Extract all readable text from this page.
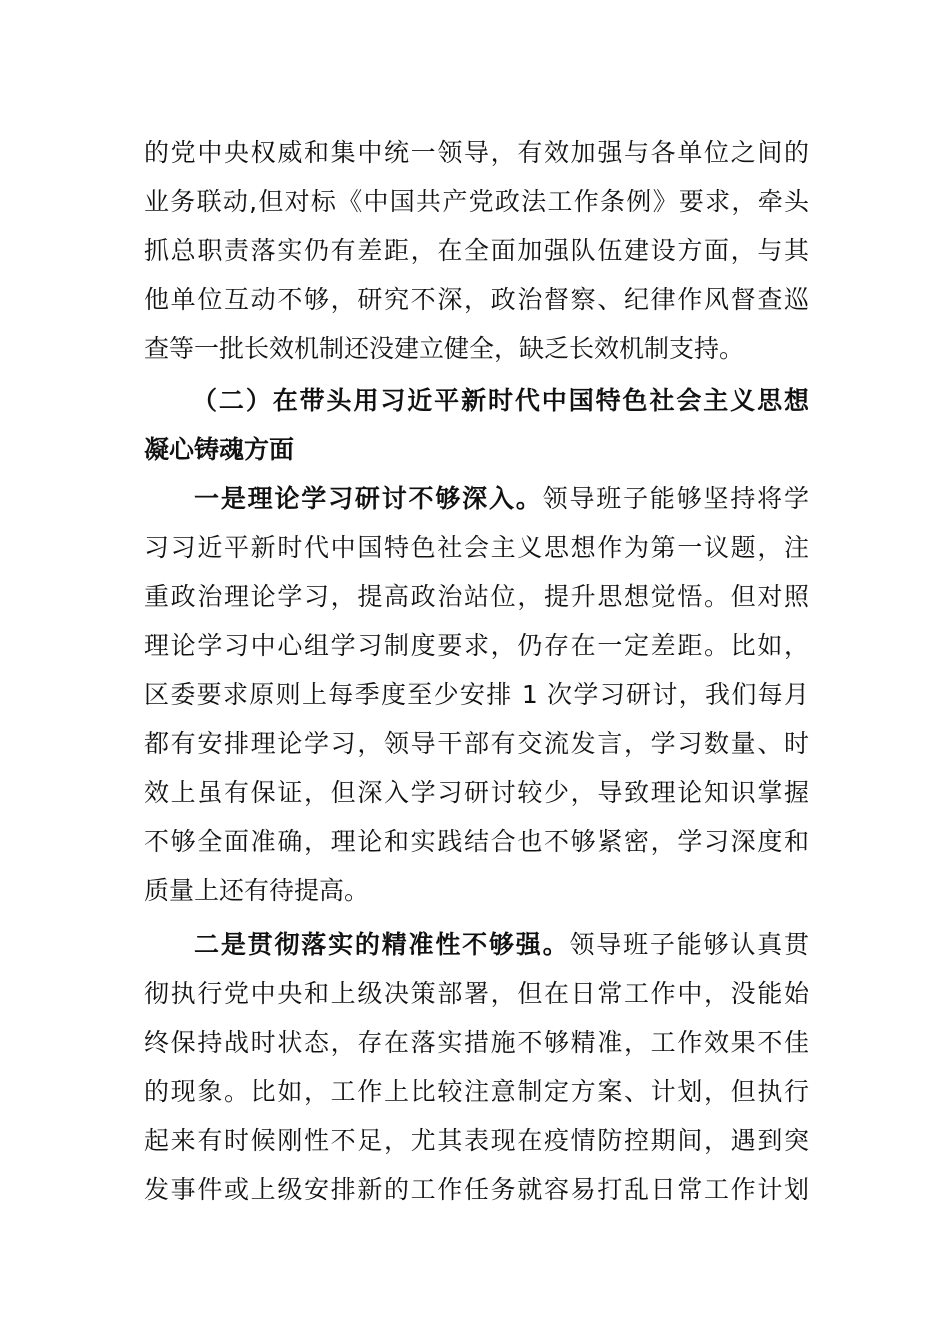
的党中央权威和集中统一领导，有效加强与各单位之间的
业务联动,但对标《中国共产党政法工作条例》要求，牵头
抓总职责落实仍有差距，在全面加强队伍建设方面，与其
他单位互动不够，研究不深，政治督察、纪律作风督查巡
查等一批长效机制还没建立健全，缺乏长效机制支持。
（二）在带头用习近平新时代中国特色社会主义思想
凝心铸魂方面
一是理论学习研讨不够深入。领导班子能够坚持将学
习习近平新时代中国特色社会主义思想作为第一议题，注
重政治理论学习，提高政治站位，提升思想觉悟。但对照
理论学习中心组学习制度要求，仍存在一定差距。比如，
区委要求原则上每季度至少安排 1 次学习研讨，我们每月
都有安排理论学习，领导干部有交流发言，学习数量、时
效上虽有保证，但深入学习研讨较少，导致理论知识掌握
不够全面准确，理论和实践结合也不够紧密，学习深度和
质量上还有待提高。
二是贯彻落实的精准性不够强。领导班子能够认真贯
彻执行党中央和上级决策部署，但在日常工作中，没能始
终保持战时状态，存在落实措施不够精准，工作效果不佳
的现象。比如，工作上比较注意制定方案、计划，但执行
起来有时候刚性不足，尤其表现在疫情防控期间，遇到突
发事件或上级安排新的工作任务就容易打乱日常工作计划
